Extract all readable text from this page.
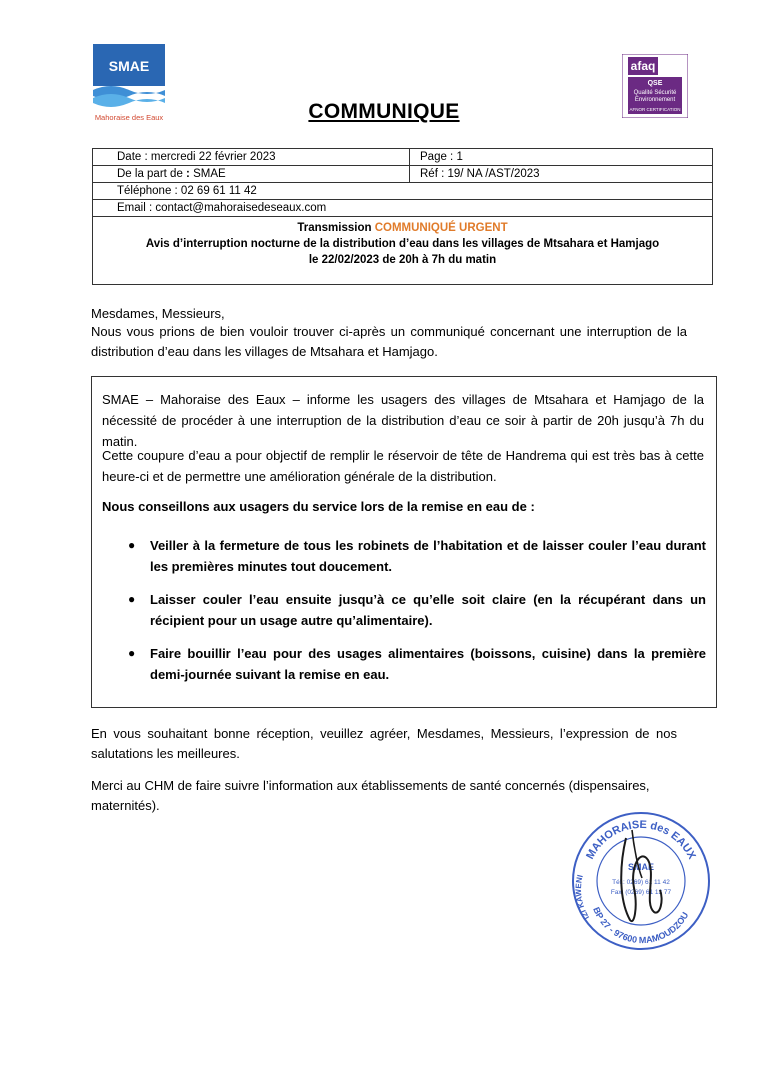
SMAE
Mahoraise des Eaux
afaq
QSE
Qualité Sécurité
Environnement
AFNOR CERTIFICATION
COMMUNIQUE
Date : mercredi 22 février 2023	Page : 1
De la part de : SMAE	Réf : 19/ NA /AST/2023
Téléphone : 02 69 61 11 42	
Email : contact@mahoraisedeseaux.com	

Transmission COMMUNIQUÉ URGENT
Avis d’interruption nocturne de la distribution d’eau dans les villages de Mtsahara et Hamjago
le 22/02/2023 de 20h à 7h du matin	
Mesdames, Messieurs,
Nous vous prions de bien vouloir trouver ci-après un communiqué concernant une interruption de la distribution d’eau dans les villages de Mtsahara et Hamjago.
SMAE – Mahoraise des Eaux – informe les usagers des villages de Mtsahara et Hamjago de la nécessité de procéder à une interruption de la distribution d’eau ce soir à partir de 20h jusqu’à 7h du matin.
Cette coupure d’eau a pour objectif de remplir le réservoir de tête de Handrema qui est très bas à cette heure-ci et de permettre une amélioration générale de la distribution.
Nous conseillons aux usagers du service lors de la remise en eau de :
● Veiller à la fermeture de tous les robinets de l’habitation et de laisser couler l’eau durant les premières minutes tout doucement.
● Laisser couler l’eau ensuite jusqu’à ce qu’elle soit claire (en la récupérant dans un récipient pour un usage autre qu’alimentaire).
● Faire bouillir l’eau pour des usages alimentaires (boissons, cuisine) dans la première demi-journée suivant la remise en eau.
En vous souhaitant bonne réception, veuillez agréer, Mesdames, Messieurs, l’expression de nos salutations les meilleures.
Merci au CHM de faire suivre l’information aux établissements de santé concernés (dispensaires, maternités).
MAHORAISE des EAUX
BP 27 - 97600 MAMOUDZOU
IZI KAWENI
SMAE
Tél.: 0269) 61 11 42
Fax: (0269) 61 13 77
